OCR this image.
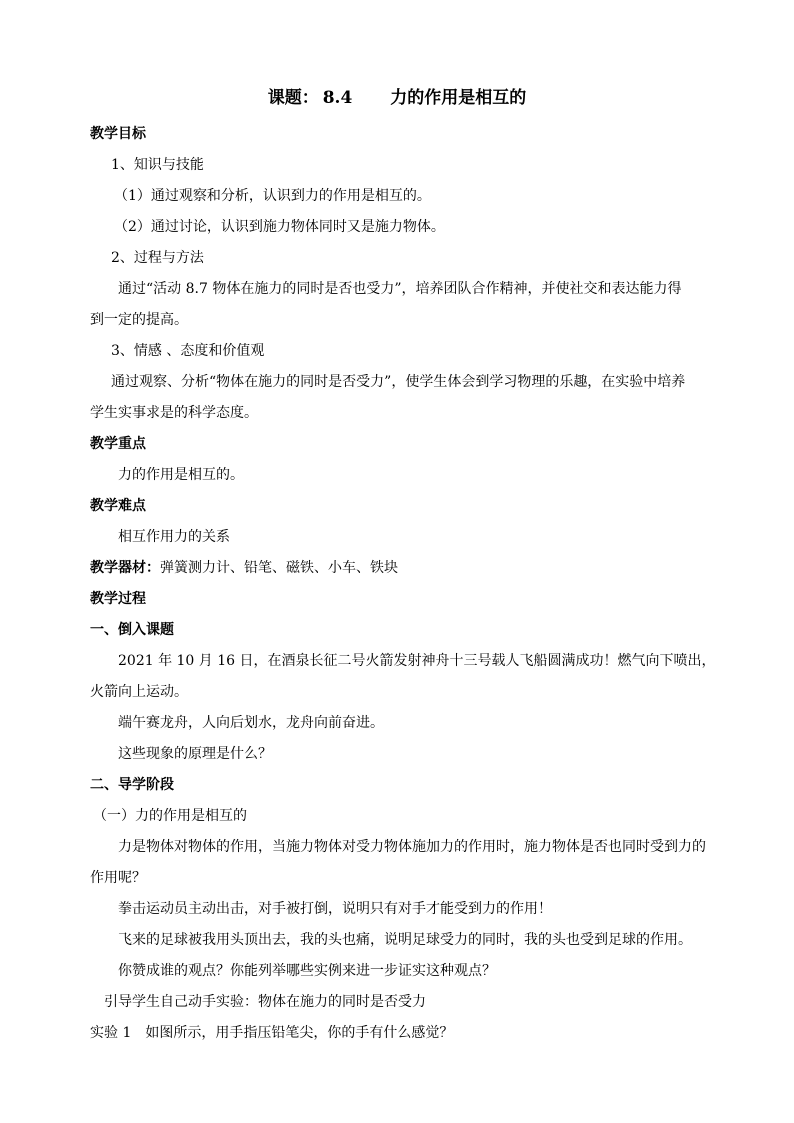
课题： 8.4 力的作用是相互的
教学目标
1、知识与技能
（1）通过观察和分析，认识到力的作用是相互的。
（2）通过讨论，认识到施力物体同时又是施力物体。
2、过程与方法
通过“活动 8.7 物体在施力的同时是否也受力”，培养团队合作精神，并使社交和表达能力得
到一定的提高。
3、情感 、态度和价值观
通过观察、分析“物体在施力的同时是否受力”，使学生体会到学习物理的乐趣，在实验中培养
学生实事求是的科学态度。
教学重点
力的作用是相互的。
教学难点
相互作用力的关系
教学器材：弹簧测力计、铅笔、磁铁、小车、铁块
教学过程
一、倒入课题
2021 年 10 月 16 日，在酒泉长征二号火箭发射神舟十三号载人飞船圆满成功！燃气向下喷出，
火箭向上运动。
端午赛龙舟，人向后划水，龙舟向前奋进。
这些现象的原理是什么？
二、导学阶段
（一）力的作用是相互的
力是物体对物体的作用，当施力物体对受力物体施加力的作用时，施力物体是否也同时受到力的
作用呢？
拳击运动员主动出击，对手被打倒，说明只有对手才能受到力的作用！
飞来的足球被我用头顶出去，我的头也痛，说明足球受力的同时，我的头也受到足球的作用。
你赞成谁的观点？你能列举哪些实例来进一步证实这种观点？
引导学生自己动手实验：物体在施力的同时是否受力
实验 1　如图所示，用手指压铅笔尖，你的手有什么感觉？
